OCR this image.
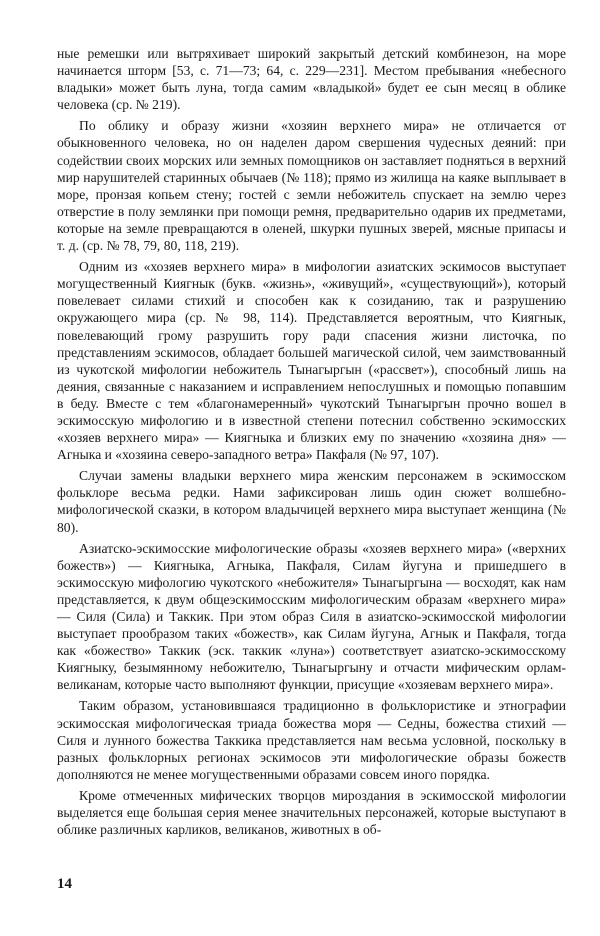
ные ремешки или вытряхивает широкий закрытый детский комбинезон, на море начинается шторм [53, с. 71—73; 64, с. 229—231]. Местом пребывания «небесного владыки» может быть луна, тогда самим «владыкой» будет ее сын месяц в облике человека (ср. № 219).

По облику и образу жизни «хозяин верхнего мира» не отличается от обыкновенного человека, но он наделен даром свершения чудесных деяний: при содействии своих морских или земных помощников он заставляет подняться в верхний мир нарушителей старинных обычаев (№ 118); прямо из жилища на каяке выплывает в море, пронзая копьем стену; гостей с земли небожитель спускает на землю через отверстие в полу землянки при помощи ремня, предварительно одарив их предметами, которые на земле превращаются в оленей, шкурки пушных зверей, мясные припасы и т. д. (ср. № 78, 79, 80, 118, 219).

Одним из «хозяев верхнего мира» в мифологии азиатских эскимосов выступает могущественный Киягнык (букв. «жизнь», «живущий», «существующий»), который повелевает силами стихий и способен как к созиданию, так и разрушению окружающего мира (ср. № 98, 114). Представляется вероятным, что Киягнык, повелевающий грому разрушить гору ради спасения жизни листочка, по представлениям эскимосов, обладает большей магической силой, чем заимствованный из чукотской мифологии небожитель Тынагыргын («рассвет»), способный лишь на деяния, связанные с наказанием и исправлением непослушных и помощью попавшим в беду. Вместе с тем «благонамеренный» чукотский Тынагыргын прочно вошел в эскимосскую мифологию и в известной степени потеснил собственно эскимосских «хозяев верхнего мира» — Киягныка и близких ему по значению «хозяина дня» — Агныка и «хозяина северо-западного ветра» Пакфаля (№ 97, 107).

Случаи замены владыки верхнего мира женским персонажем в эскимосском фольклоре весьма редки. Нами зафиксирован лишь один сюжет волшебно-мифологической сказки, в котором владычицей верхнего мира выступает женщина (№ 80).

Азиатско-эскимосские мифологические образы «хозяев верхнего мира» («верхних божеств») — Киягныка, Агныка, Пакфаля, Силам йугуна и пришедшего в эскимосскую мифологию чукотского «небожителя» Тынагыргына — восходят, как нам представляется, к двум общеэскимосским мифологическим образам «верхнего мира» — Силя (Сила) и Таккик. При этом образ Силя в азиатско-эскимосской мифологии выступает прообразом таких «божеств», как Силам йугуна, Агнык и Пакфаля, тогда как «божество» Таккик (эск. таккик «луна») соответствует азиатско-эскимосскому Киягныку, безымянному небожителю, Тынагыргыну и отчасти мифическим орлам-великанам, которые часто выполняют функции, присущие «хозяевам верхнего мира».

Таким образом, установившаяся традиционно в фольклористике и этнографии эскимосская мифологическая триада божества моря — Седны, божества стихий — Силя и лунного божества Таккика представляется нам весьма условной, поскольку в разных фольклорных регионах эскимосов эти мифологические образы божеств дополняются не менее могущественными образами совсем иного порядка.

Кроме отмеченных мифических творцов мироздания в эскимосской мифологии выделяется еще большая серия менее значительных персонажей, которые выступают в облике различных карликов, великанов, животных в об-

14
